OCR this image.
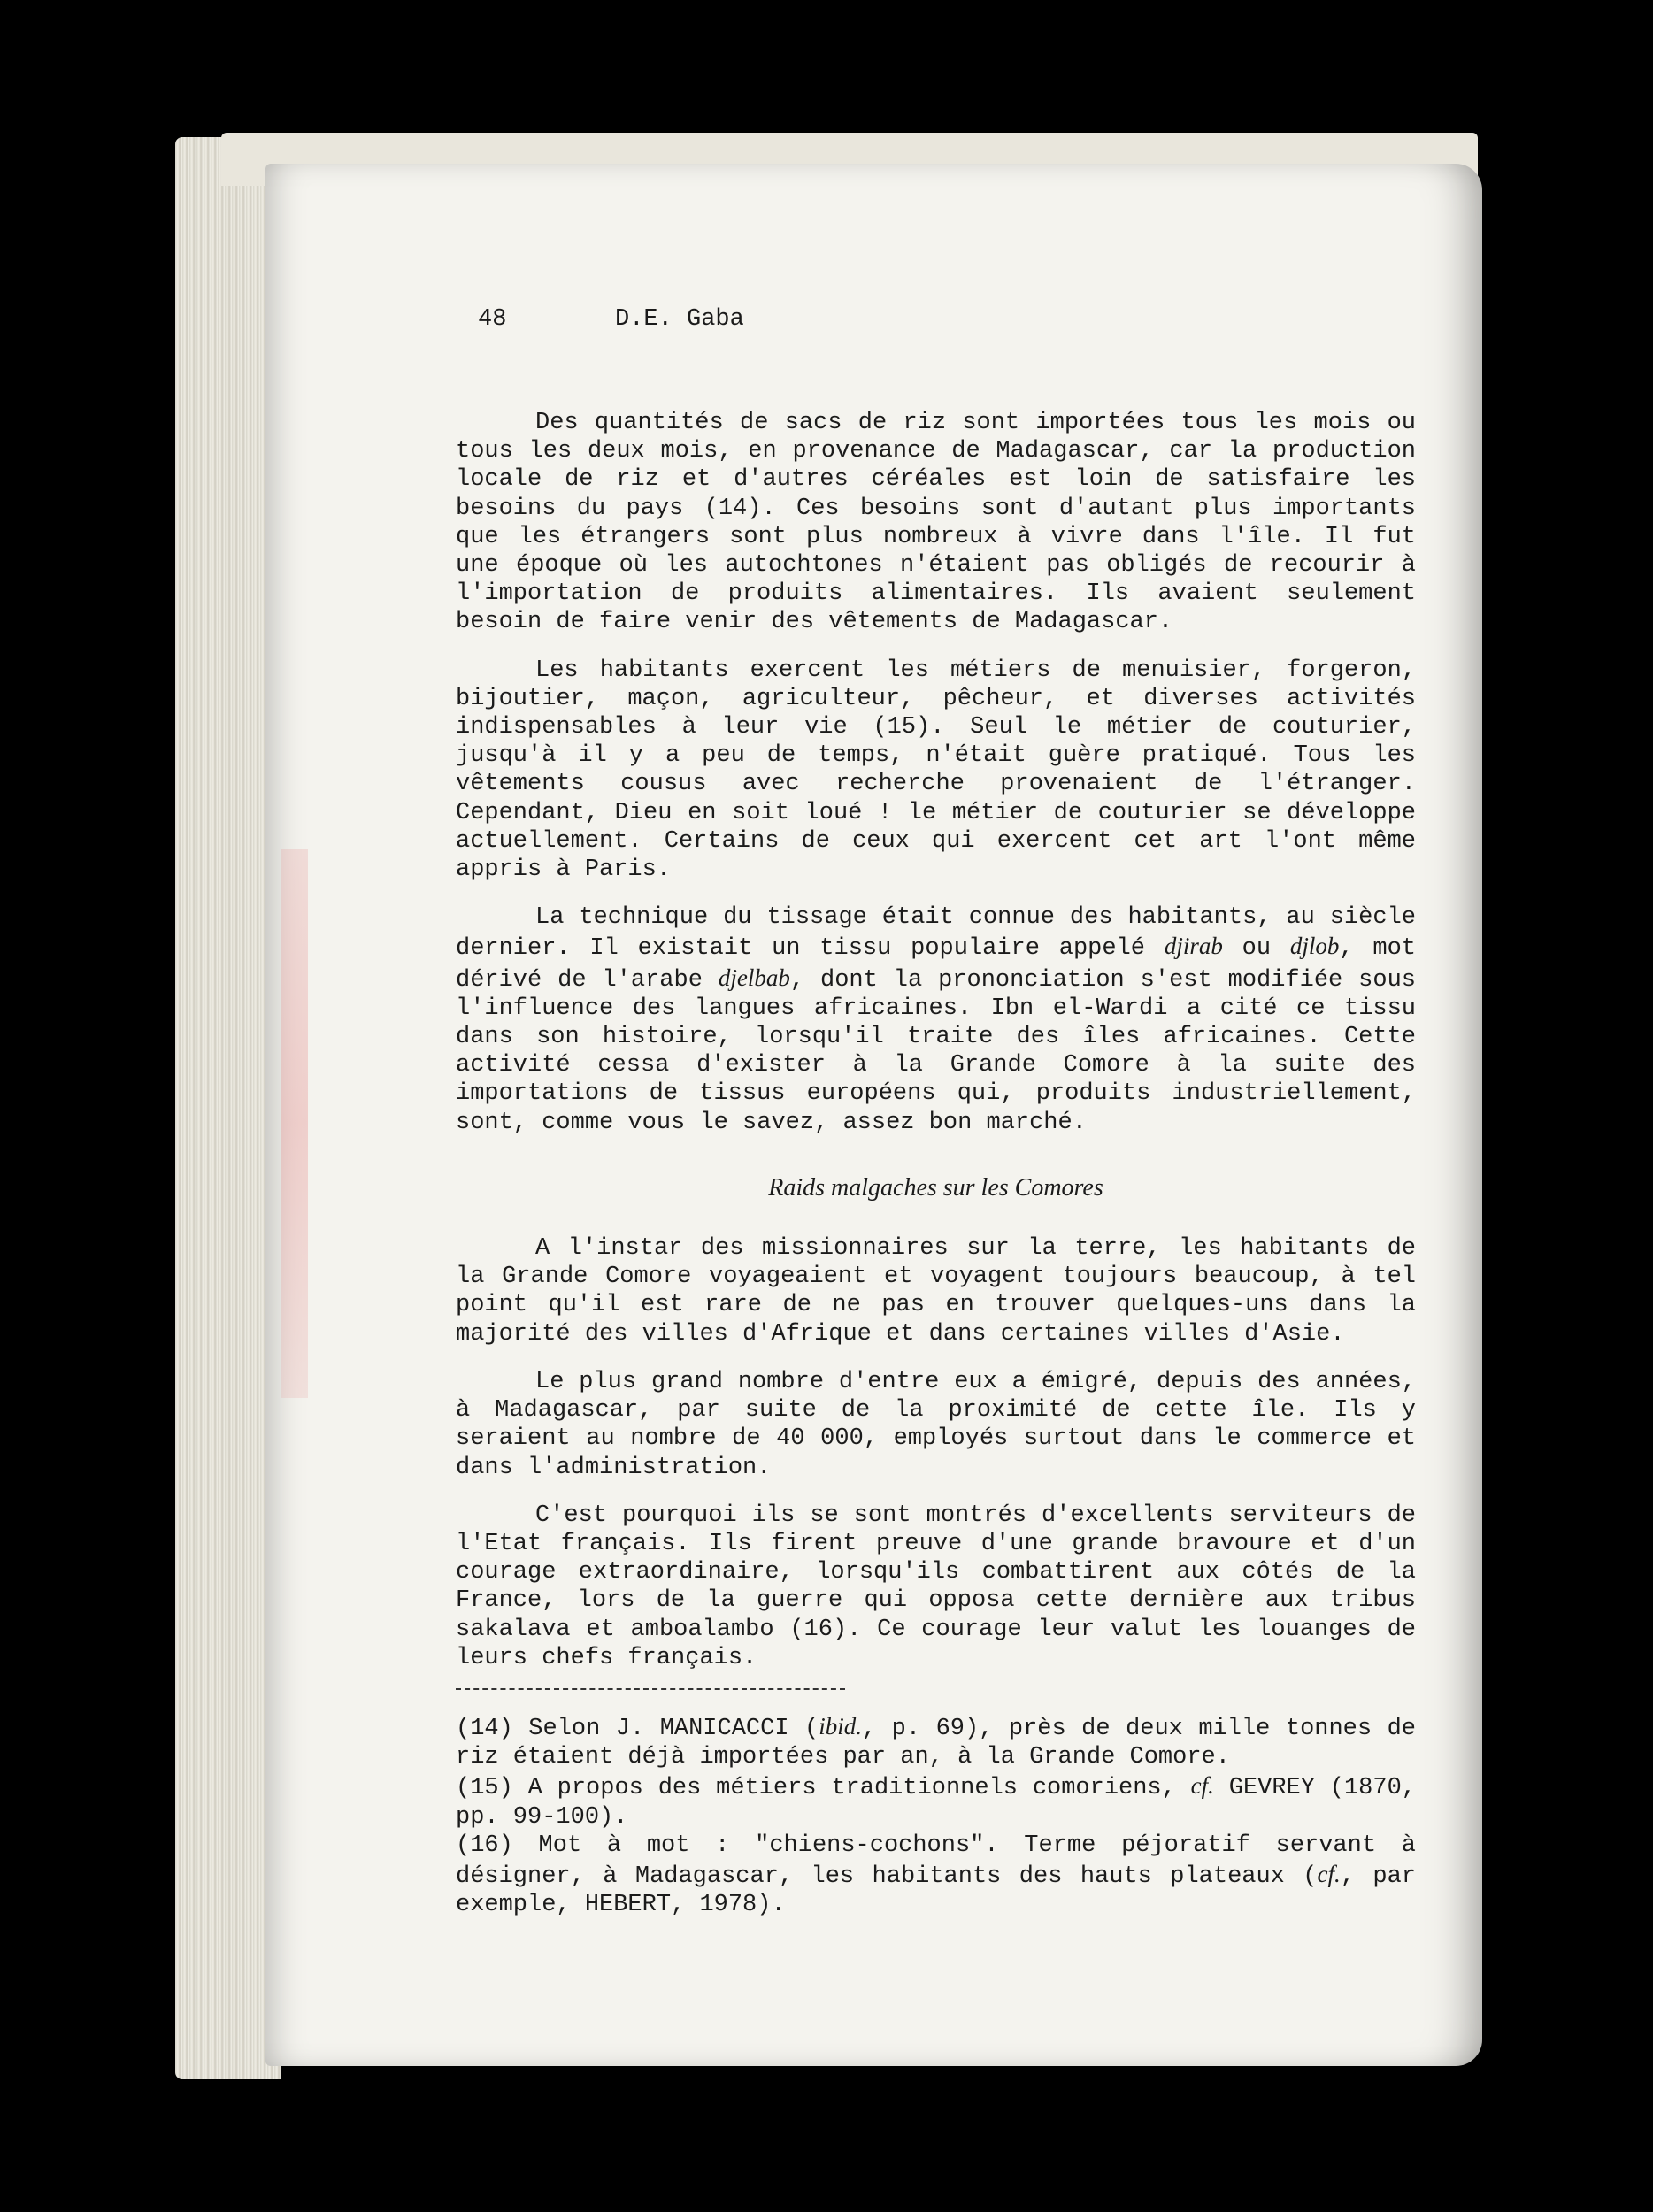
48	D.E. Gaba

Des quantités de sacs de riz sont importées tous les mois ou tous les deux mois, en provenance de Madagascar, car la production locale de riz et d'autres céréales est loin de satisfaire les besoins du pays (14). Ces besoins sont d'autant plus importants que les étrangers sont plus nombreux à vivre dans l'île. Il fut une époque où les autochtones n'étaient pas obligés de recourir à l'importation de produits alimentaires. Ils avaient seulement besoin de faire venir des vêtements de Madagascar.

Les habitants exercent les métiers de menuisier, forgeron, bijoutier, maçon, agriculteur, pêcheur, et diverses activités indispensables à leur vie (15). Seul le métier de couturier, jusqu'à il y a peu de temps, n'était guère pratiqué. Tous les vêtements cousus avec recherche provenaient de l'étranger. Cependant, Dieu en soit loué ! le métier de couturier se développe actuellement. Certains de ceux qui exercent cet art l'ont même appris à Paris.

La technique du tissage était connue des habitants, au siècle dernier. Il existait un tissu populaire appelé djirab ou djlob, mot dérivé de l'arabe djelbab, dont la prononciation s'est modifiée sous l'influence des langues africaines. Ibn el-Wardi a cité ce tissu dans son histoire, lorsqu'il traite des îles africaines. Cette activité cessa d'exister à la Grande Comore à la suite des importations de tissus européens qui, produits industriellement, sont, comme vous le savez, assez bon marché.

Raids malgaches sur les Comores

A l'instar des missionnaires sur la terre, les habitants de la Grande Comore voyageaient et voyagent toujours beaucoup, à tel point qu'il est rare de ne pas en trouver quelques-uns dans la majorité des villes d'Afrique et dans certaines villes d'Asie.

Le plus grand nombre d'entre eux a émigré, depuis des années, à Madagascar, par suite de la proximité de cette île. Ils y seraient au nombre de 40 000, employés surtout dans le commerce et dans l'administration.

C'est pourquoi ils se sont montrés d'excellents serviteurs de l'Etat français. Ils firent preuve d'une grande bravoure et d'un courage extraordinaire, lorsqu'ils combattirent aux côtés de la France, lors de la guerre qui opposa cette dernière aux tribus sakalava et amboalambo (16). Ce courage leur valut les louanges de leurs chefs français.

(14) Selon J. MANICACCI (ibid., p. 69), près de deux mille tonnes de riz étaient déjà importées par an, à la Grande Comore.

(15) A propos des métiers traditionnels comoriens, cf. GEVREY (1870, pp. 99-100).

(16) Mot à mot : "chiens-cochons". Terme péjoratif servant à désigner, à Madagascar, les habitants des hauts plateaux (cf., par exemple, HEBERT, 1978).
